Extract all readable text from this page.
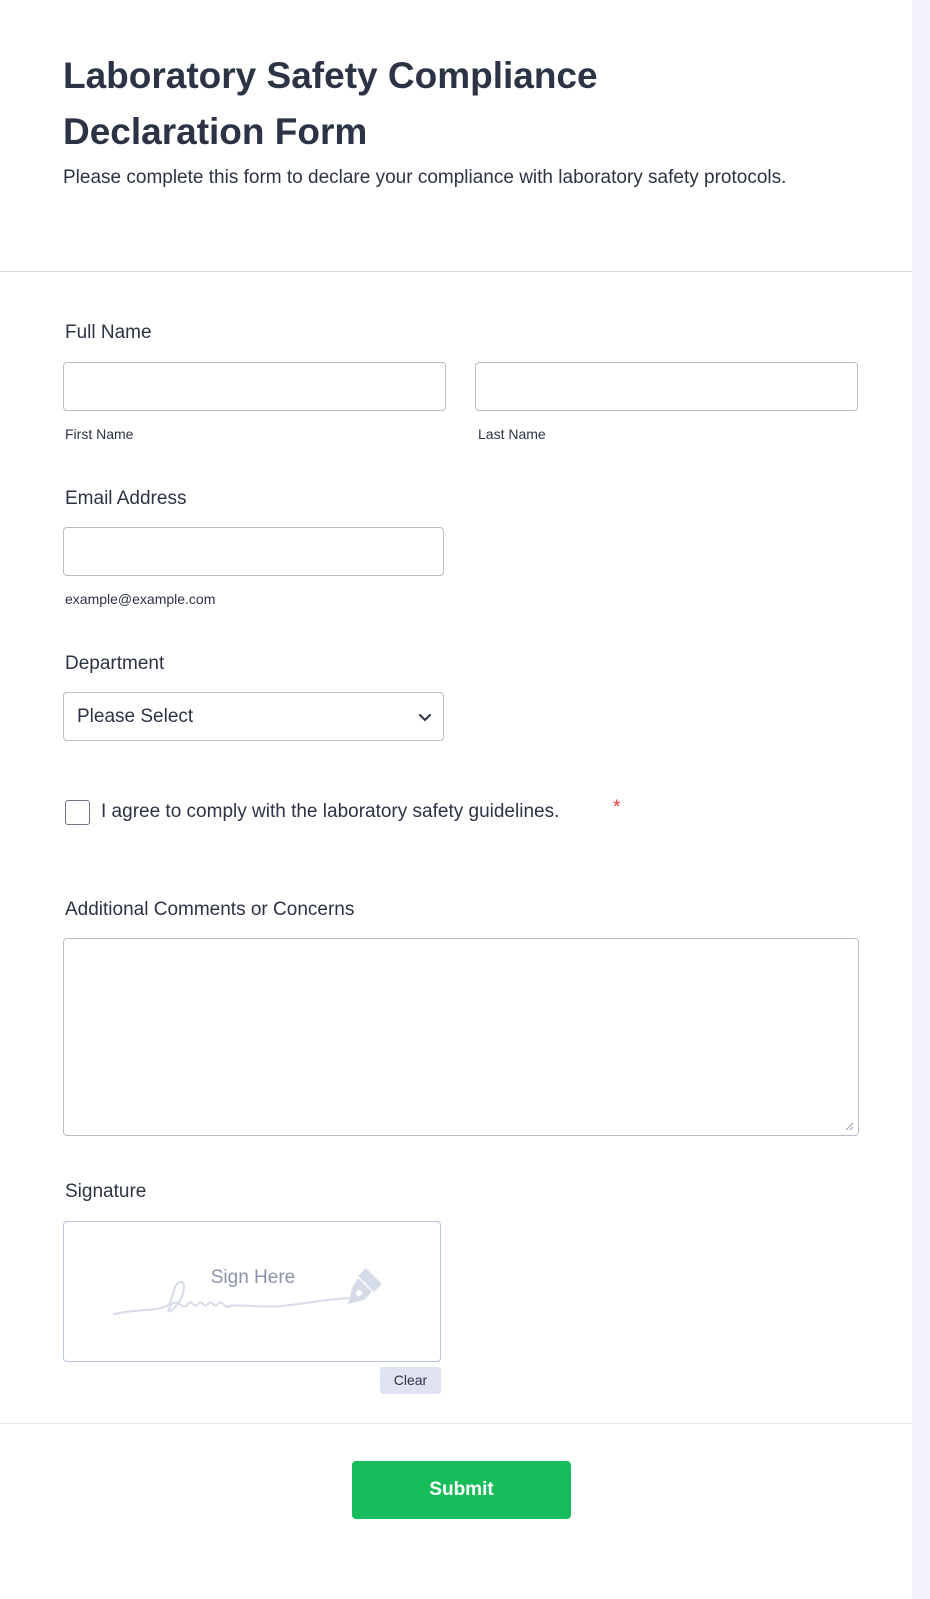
Laboratory Safety Compliance Declaration Form

Please complete this form to declare your compliance with laboratory safety protocols.

Full Name
First Name	Last Name
Email Address
example@example.com
Department
Please Select
I agree to comply with the laboratory safety guidelines.	*
Additional Comments or Concerns
Signature
Sign Here
Clear
Submit
